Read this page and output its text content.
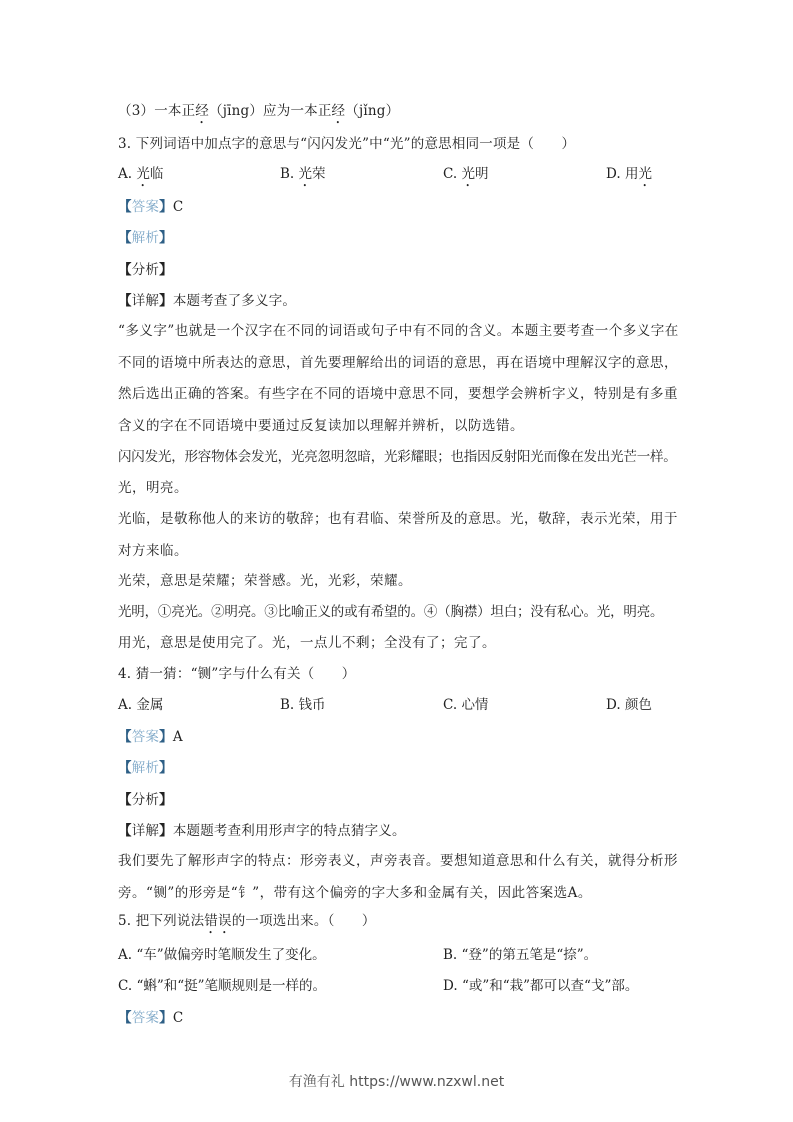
（3）一本正经（jīng）应为一本正经（jǐng）
3. 下列词语中加点字的意思与“闪闪发光”中“光”的意思相同一项是（　　）
A. 光临	B. 光荣	C. 光明	D. 用光
【答案】C
【解析】
【分析】
【详解】本题考查了多义字。
“多义字”也就是一个汉字在不同的词语或句子中有不同的含义。本题主要考查一个多义字在不同的语境中所表达的意思，首先要理解给出的词语的意思，再在语境中理解汉字的意思，然后选出正确的答案。有些字在不同的语境中意思不同，要想学会辨析字义，特别是有多重含义的字在不同语境中要通过反复读加以理解并辨析，以防选错。
闪闪发光，形容物体会发光，光亮忽明忽暗，光彩耀眼；也指因反射阳光而像在发出光芒一样。
光，明亮。
光临，是敬称他人的来访的敬辞；也有君临、荣誉所及的意思。光，敬辞，表示光荣，用于对方来临。
光荣，意思是荣耀；荣誉感。光，光彩，荣耀。
光明，①亮光。②明亮。③比喻正义的或有希望的。④（胸襟）坦白；没有私心。光，明亮。
用光，意思是使用完了。光，一点儿不剩；全没有了；完了。
4. 猜一猜：“铡”字与什么有关（　　）
A. 金属	B. 钱币	C. 心情	D. 颜色
【答案】A
【解析】
【分析】
【详解】本题题考查利用形声字的特点猜字义。
我们要先了解形声字的特点：形旁表义，声旁表音。要想知道意思和什么有关，就得分析形旁。“铡”的形旁是“钅”，带有这个偏旁的字大多和金属有关，因此答案选A。
5. 把下列说法错误的一项选出来。（　　）
A. “车”做偏旁时笔顺发生了变化。	B. “登”的第五笔是“捺”。
C. “蝌”和“挺”笔顺规则是一样的。	D. “或”和“栽”都可以查“戈”部。
【答案】C
有渔有礼 https://www.nzxwl.net
